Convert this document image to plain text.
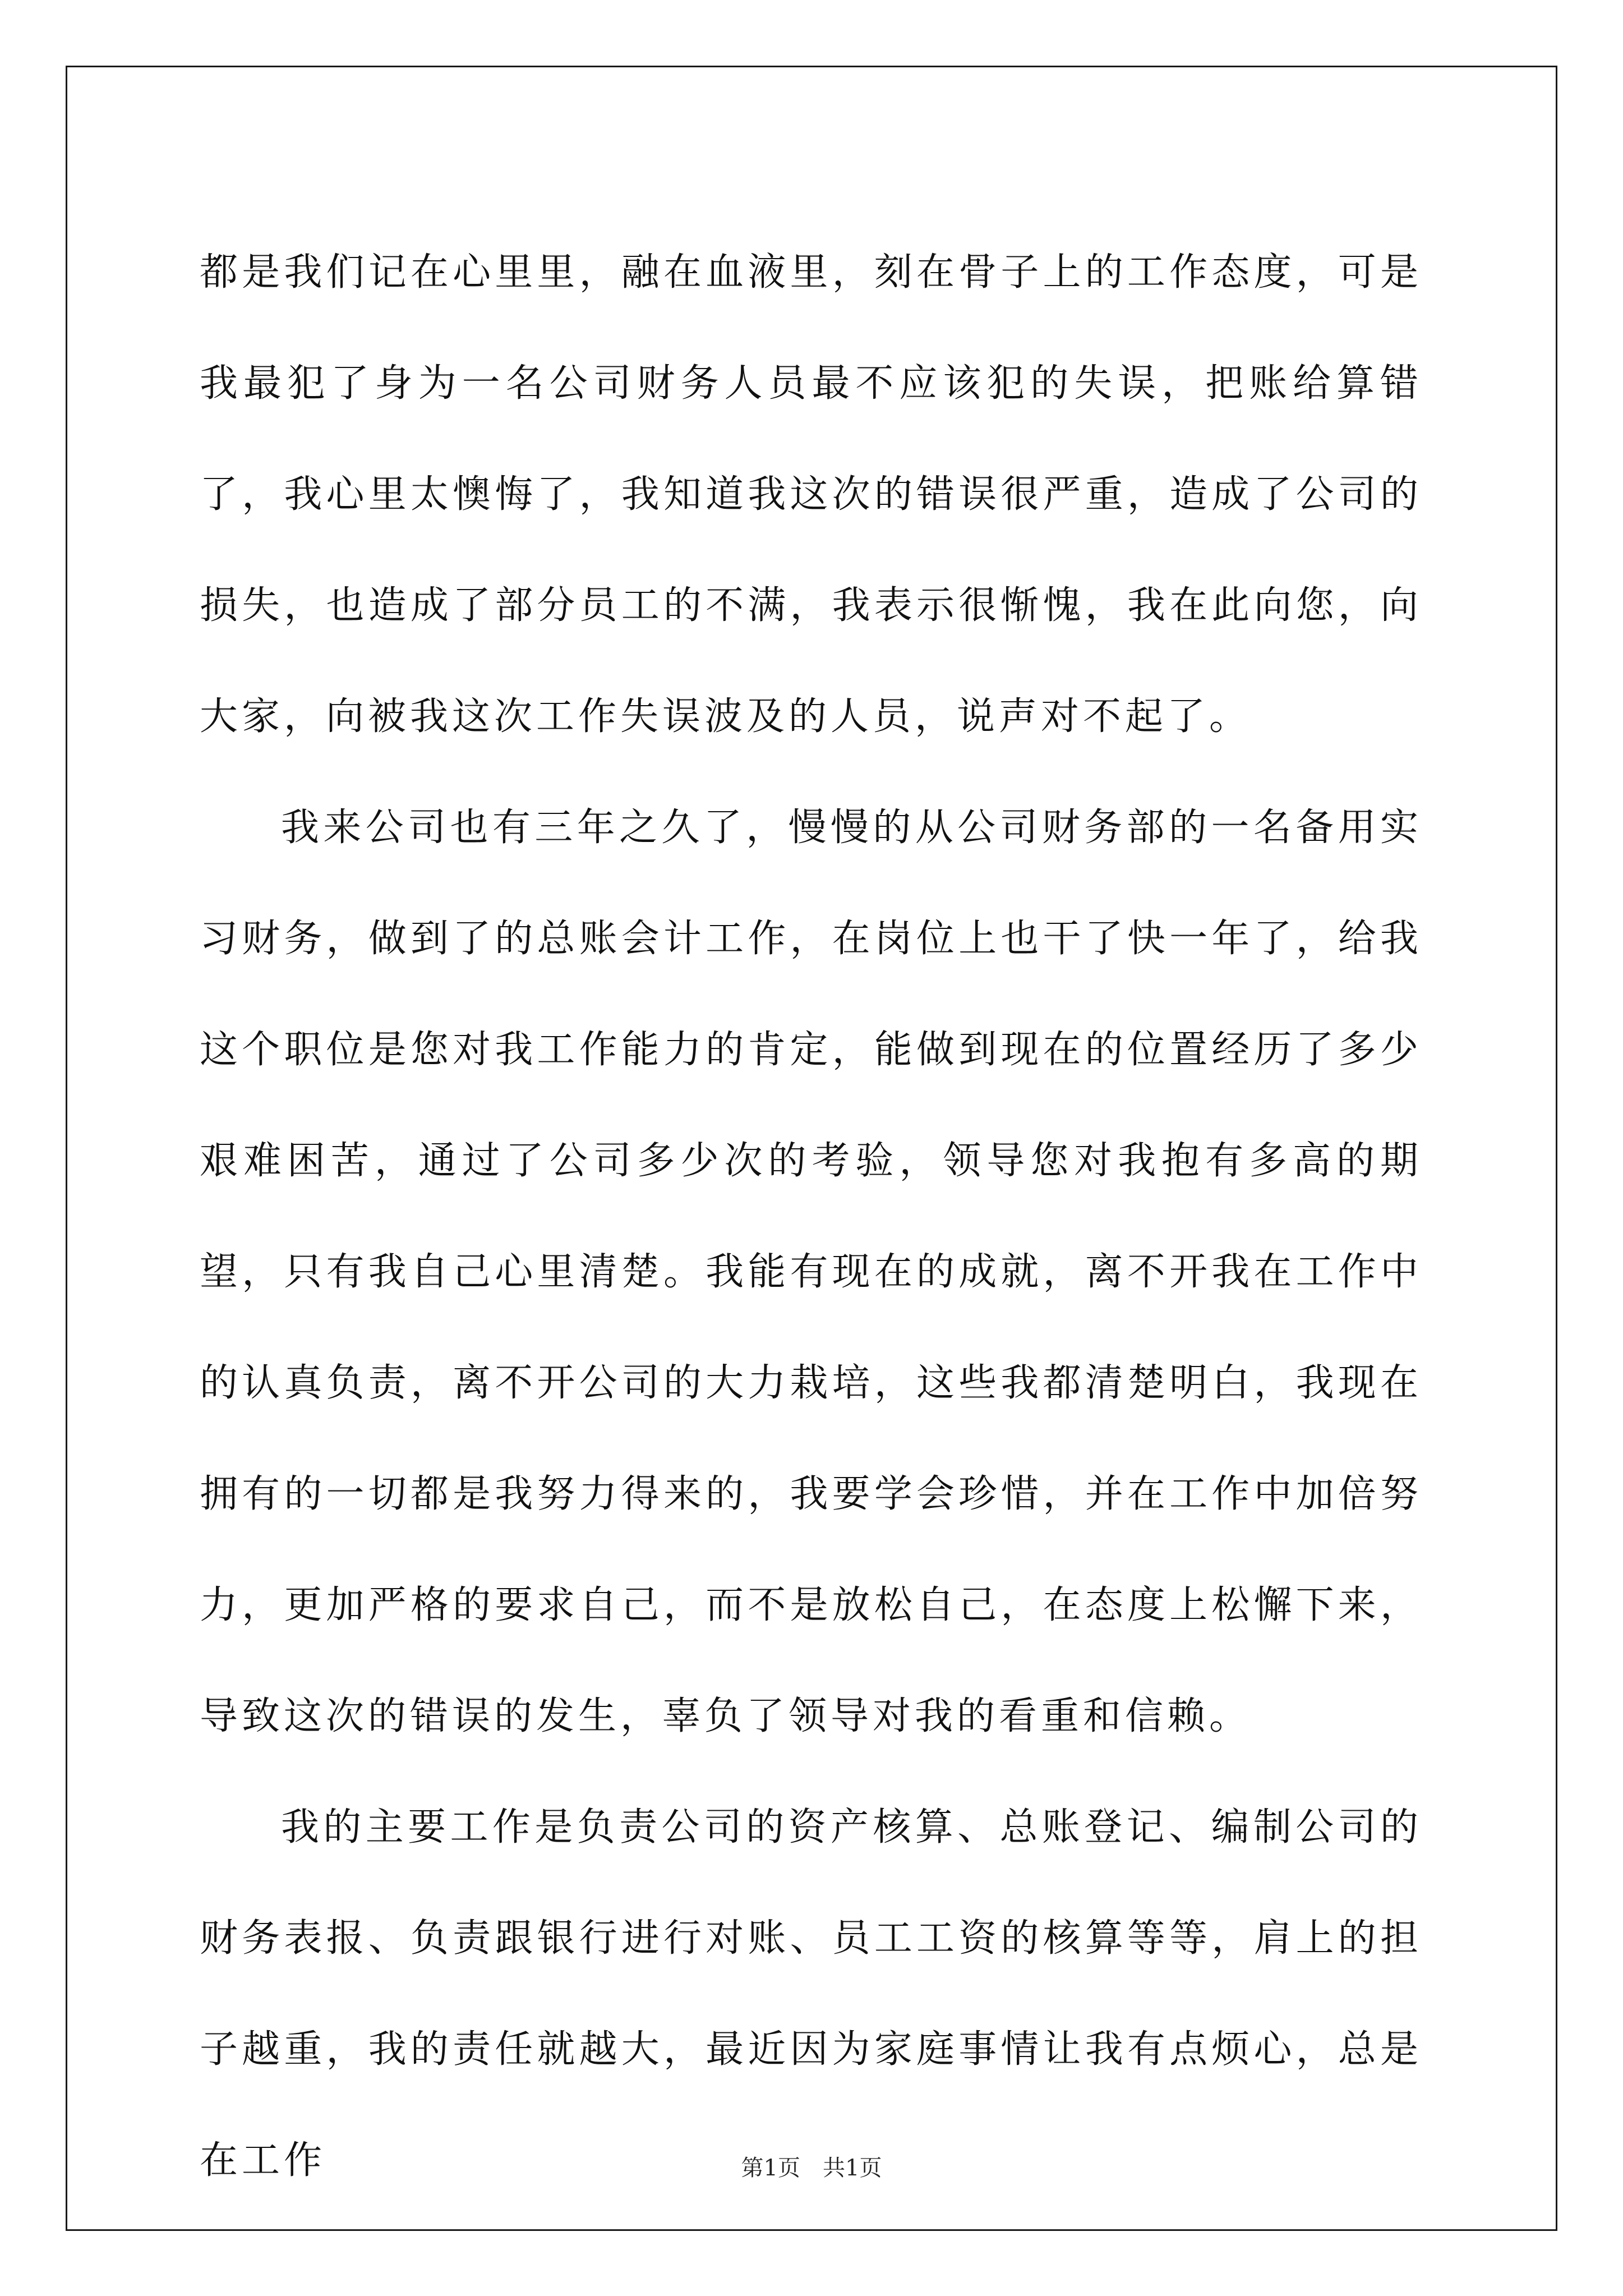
都是我们记在心里里，融在血液里，刻在骨子上的工作态度，可是我最犯了身为一名公司财务人员最不应该犯的失误，把账给算错了，我心里太懊悔了，我知道我这次的错误很严重，造成了公司的损失，也造成了部分员工的不满，我表示很惭愧，我在此向您，向大家，向被我这次工作失误波及的人员，说声对不起了。

我来公司也有三年之久了，慢慢的从公司财务部的一名备用实习财务，做到了的总账会计工作，在岗位上也干了快一年了，给我这个职位是您对我工作能力的肯定，能做到现在的位置经历了多少艰难困苦，通过了公司多少次的考验，领导您对我抱有多高的期望，只有我自己心里清楚。我能有现在的成就，离不开我在工作中的认真负责，离不开公司的大力栽培，这些我都清楚明白，我现在拥有的一切都是我努力得来的，我要学会珍惜，并在工作中加倍努力，更加严格的要求自己，而不是放松自己，在态度上松懈下来，导致这次的错误的发生，辜负了领导对我的看重和信赖。

我的主要工作是负责公司的资产核算、总账登记、编制公司的财务表报、负责跟银行进行对账、员工工资的核算等等，肩上的担子越重，我的责任就越大，最近因为家庭事情让我有点烦心，总是在工作	第1页　共1页
